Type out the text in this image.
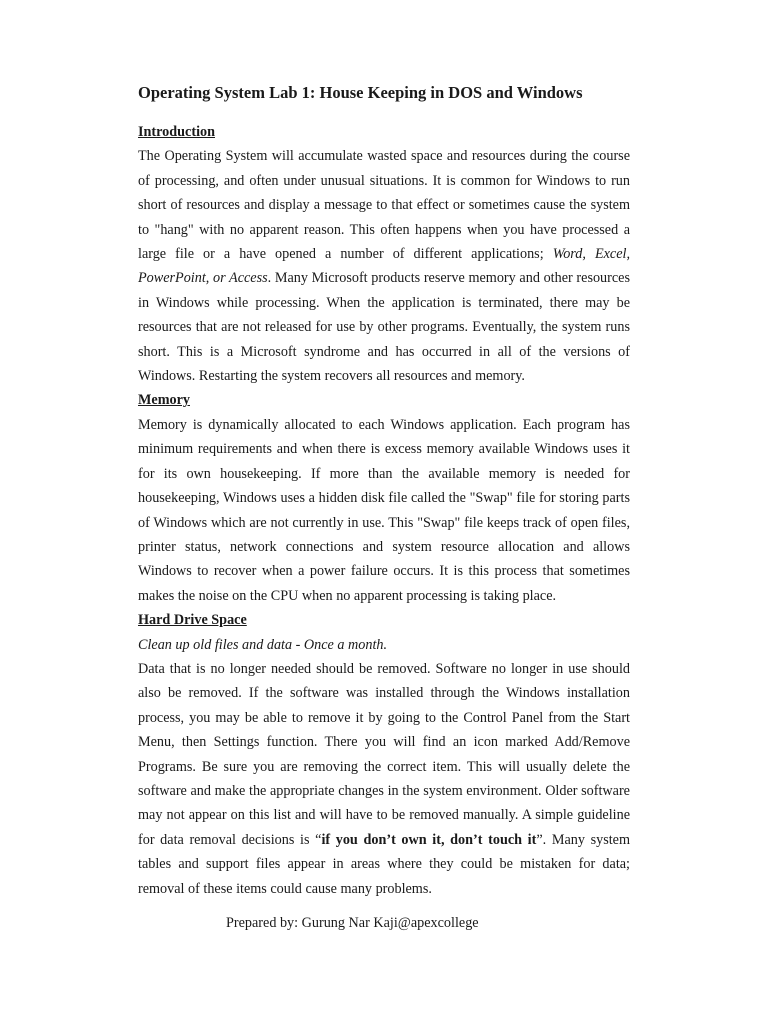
Operating System Lab 1: House Keeping in DOS and Windows
Introduction

The Operating System will accumulate wasted space and resources during the course of processing, and often under unusual situations. It is common for Windows to run short of resources and display a message to that effect or sometimes cause the system to "hang" with no apparent reason. This often happens when you have processed a large file or a have opened a number of different applications; Word, Excel, PowerPoint, or Access. Many Microsoft products reserve memory and other resources in Windows while processing. When the application is terminated, there may be resources that are not released for use by other programs. Eventually, the system runs short. This is a Microsoft syndrome and has occurred in all of the versions of Windows. Restarting the system recovers all resources and memory.

Memory

Memory is dynamically allocated to each Windows application. Each program has minimum requirements and when there is excess memory available Windows uses it for its own housekeeping. If more than the available memory is needed for housekeeping, Windows uses a hidden disk file called the "Swap" file for storing parts of Windows which are not currently in use. This "Swap" file keeps track of open files, printer status, network connections and system resource allocation and allows Windows to recover when a power failure occurs. It is this process that sometimes makes the noise on the CPU when no apparent processing is taking place.

Hard Drive Space

Clean up old files and data - Once a month.

Data that is no longer needed should be removed. Software no longer in use should also be removed. If the software was installed through the Windows installation process, you may be able to remove it by going to the Control Panel from the Start Menu, then Settings function. There you will find an icon marked Add/Remove Programs. Be sure you are removing the correct item. This will usually delete the software and make the appropriate changes in the system environment. Older software may not appear on this list and will have to be removed manually. A simple guideline for data removal decisions is “if you don’t own it, don’t touch it”. Many system tables and support files appear in areas where they could be mistaken for data; removal of these items could cause many problems.

Prepared by: Gurung Nar Kaji@apexcollege
